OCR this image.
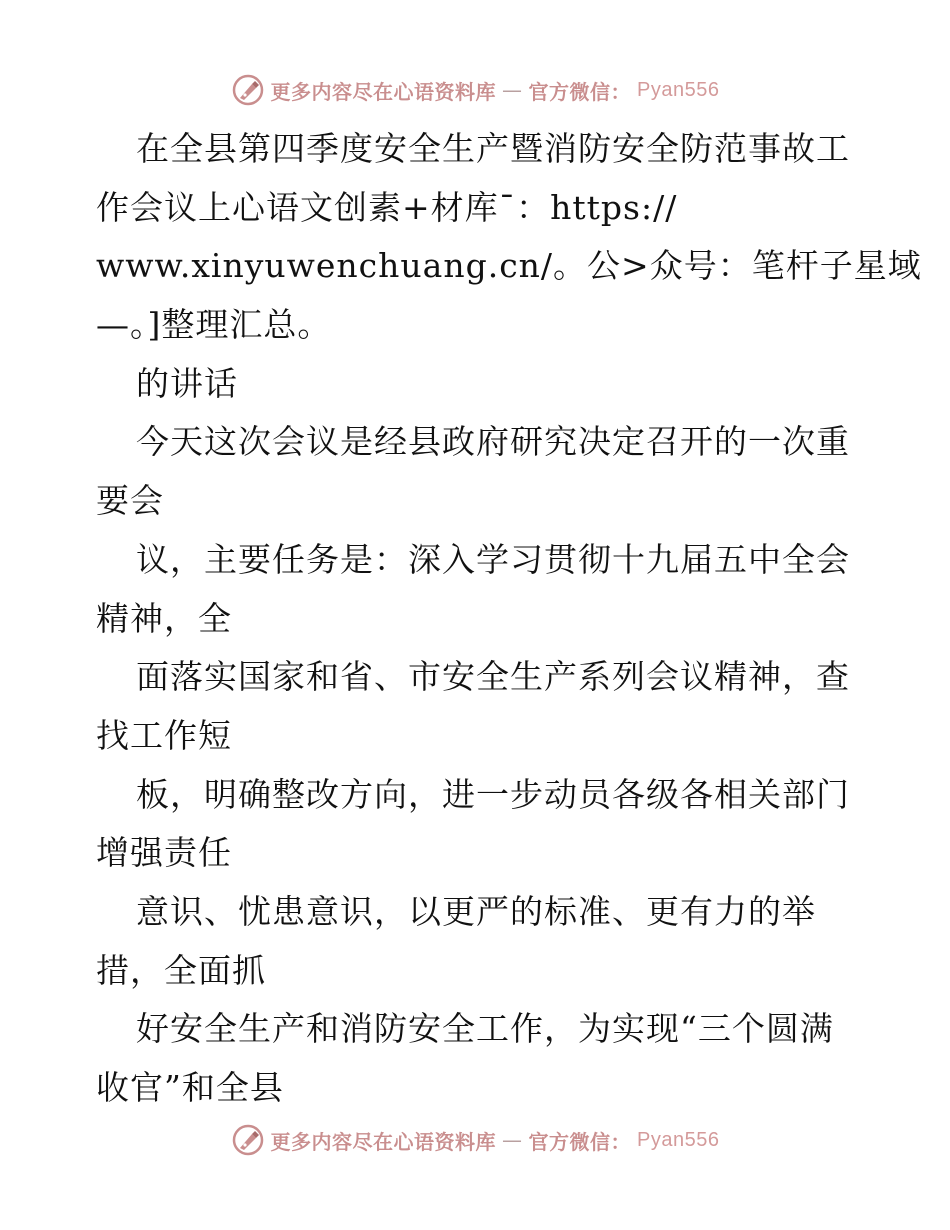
更多内容尽在心语资料库 — 官方微信： Pyan556
在全县第四季度安全生产暨消防安全防范事故工
作会议上心语文创素+材库¯：https://
www.xinyuwenchuang.cn/。公>众号：笔杆子星域
—。]整理汇总。
的讲话
今天这次会议是经县政府研究决定召开的一次重
要会
议，主要任务是：深入学习贯彻十九届五中全会
精神，全
面落实国家和省、市安全生产系列会议精神，查
找工作短
板，明确整改方向，进一步动员各级各相关部门
增强责任
意识、忧患意识，以更严的标准、更有力的举
措，全面抓
好安全生产和消防安全工作，为实现“三个圆满
收官”和全县
更多内容尽在心语资料库 — 官方微信： Pyan556
